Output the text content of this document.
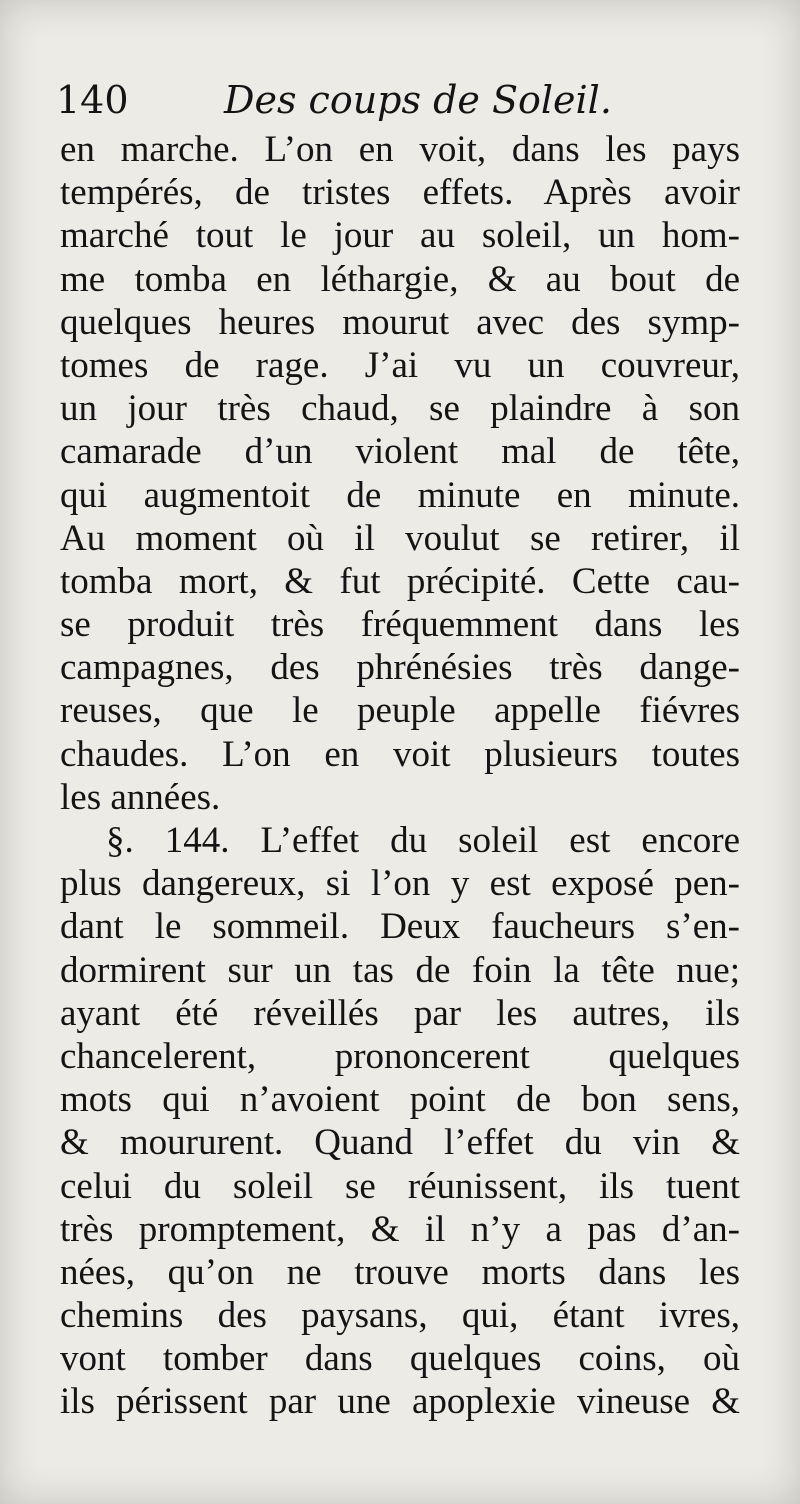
140	Des coups de Soleil.
en marche. L’on en voit, dans les pays
tempérés, de tristes effets. Après avoir
marché tout le jour au soleil, un hom-
me tomba en léthargie, & au bout de
quelques heures mourut avec des symp-
tomes de rage. J’ai vu un couvreur,
un jour très chaud, se plaindre à son
camarade d’un violent mal de tête,
qui augmentoit de minute en minute.
Au moment où il voulut se retirer, il
tomba mort, & fut précipité. Cette cau-
se produit très fréquemment dans les
campagnes, des phrénésies très dange-
reuses, que le peuple appelle fiévres
chaudes. L’on en voit plusieurs toutes
les années.
§. 144. L’effet du soleil est encore
plus dangereux, si l’on y est exposé pen-
dant le sommeil. Deux faucheurs s’en-
dormirent sur un tas de foin la tête nue;
ayant été réveillés par les autres, ils
chancelerent, prononcerent quelques
mots qui n’avoient point de bon sens,
& moururent. Quand l’effet du vin &
celui du soleil se réunissent, ils tuent
très promptement, & il n’y a pas d’an-
nées, qu’on ne trouve morts dans les
chemins des paysans, qui, étant ivres,
vont tomber dans quelques coins, où
ils périssent par une apoplexie vineuse &
